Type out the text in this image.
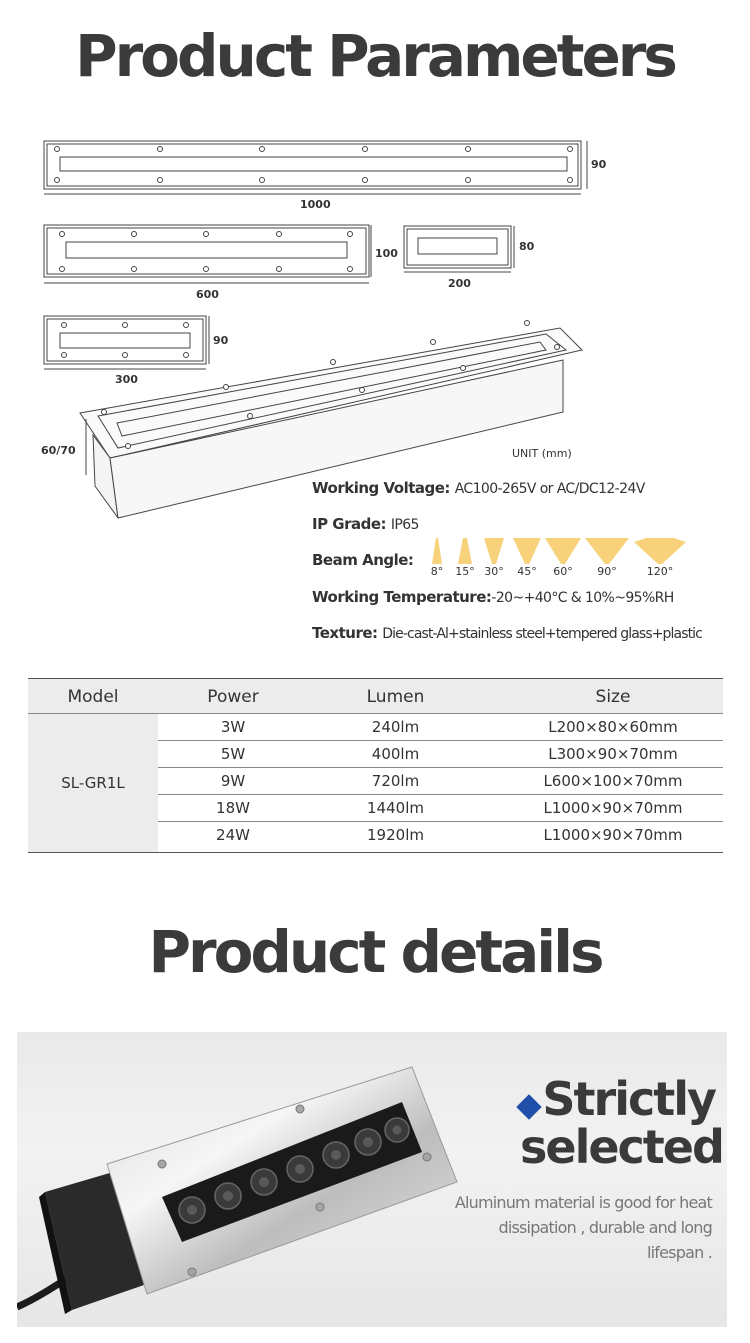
Product Parameters
1000
90
600
100
200
80
300
90
60/70	UNIT (mm)
Working Voltage: AC100-265V or AC/DC12-24V
IP Grade: IP65
Beam Angle:
8°	15° 30°	45°	60°	90°	120°
Working Temperature:-20~+40°C & 10%~95%RH
Texture: Die-cast-Al+stainless steel+tempered glass+plastic
Model	Power	Lumen	Size
SL-GR1L
3W	240lm	L200×80×60mm
5W	400lm	L300×90×70mm
9W	720lm	L600×100×70mm
18W	1440lm	L1000×90×70mm
24W	1920lm	L1000×90×70mm
Product details
Strictly
selected
Aluminum material is good for heat dissipation , durable and long lifespan .
